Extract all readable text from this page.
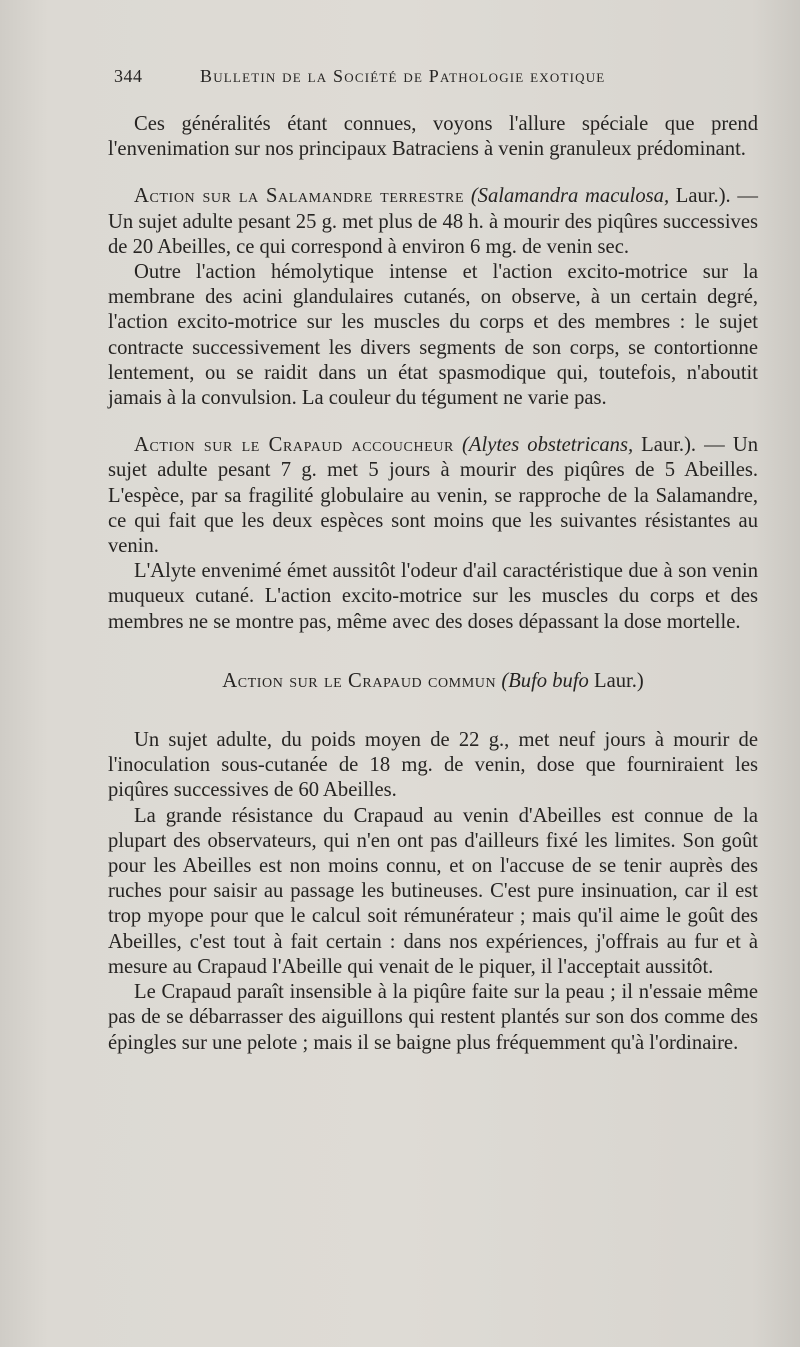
344	Bulletin de la Société de Pathologie exotique

Ces généralités étant connues, voyons l'allure spéciale que prend l'envenimation sur nos principaux Batraciens à venin granuleux prédominant.

Action sur la Salamandre terrestre (Salamandra maculosa, Laur.). — Un sujet adulte pesant 25 g. met plus de 48 h. à mourir des piqûres successives de 20 Abeilles, ce qui correspond à environ 6 mg. de venin sec.

Outre l'action hémolytique intense et l'action excito-motrice sur la membrane des acini glandulaires cutanés, on observe, à un certain degré, l'action excito-motrice sur les muscles du corps et des membres : le sujet contracte successivement les divers segments de son corps, se contortionne lentement, ou se raidit dans un état spasmodique qui, toutefois, n'aboutit jamais à la convulsion. La couleur du tégument ne varie pas.

Action sur le Crapaud accoucheur (Alytes obstetricans, Laur.). — Un sujet adulte pesant 7 g. met 5 jours à mourir des piqûres de 5 Abeilles. L'espèce, par sa fragilité globulaire au venin, se rapproche de la Salamandre, ce qui fait que les deux espèces sont moins que les suivantes résistantes au venin.

L'Alyte envenimé émet aussitôt l'odeur d'ail caractéristique due à son venin muqueux cutané. L'action excito-motrice sur les muscles du corps et des membres ne se montre pas, même avec des doses dépassant la dose mortelle.

Action sur le Crapaud commun (Bufo bufo Laur.)

Un sujet adulte, du poids moyen de 22 g., met neuf jours à mourir de l'inoculation sous-cutanée de 18 mg. de venin, dose que fourniraient les piqûres successives de 60 Abeilles.

La grande résistance du Crapaud au venin d'Abeilles est connue de la plupart des observateurs, qui n'en ont pas d'ailleurs fixé les limites. Son goût pour les Abeilles est non moins connu, et on l'accuse de se tenir auprès des ruches pour saisir au passage les butineuses. C'est pure insinuation, car il est trop myope pour que le calcul soit rémunérateur ; mais qu'il aime le goût des Abeilles, c'est tout à fait certain : dans nos expériences, j'offrais au fur et à mesure au Crapaud l'Abeille qui venait de le piquer, il l'acceptait aussitôt.

Le Crapaud paraît insensible à la piqûre faite sur la peau ; il n'essaie même pas de se débarrasser des aiguillons qui restent plantés sur son dos comme des épingles sur une pelote ; mais il se baigne plus fréquemment qu'à l'ordinaire.
